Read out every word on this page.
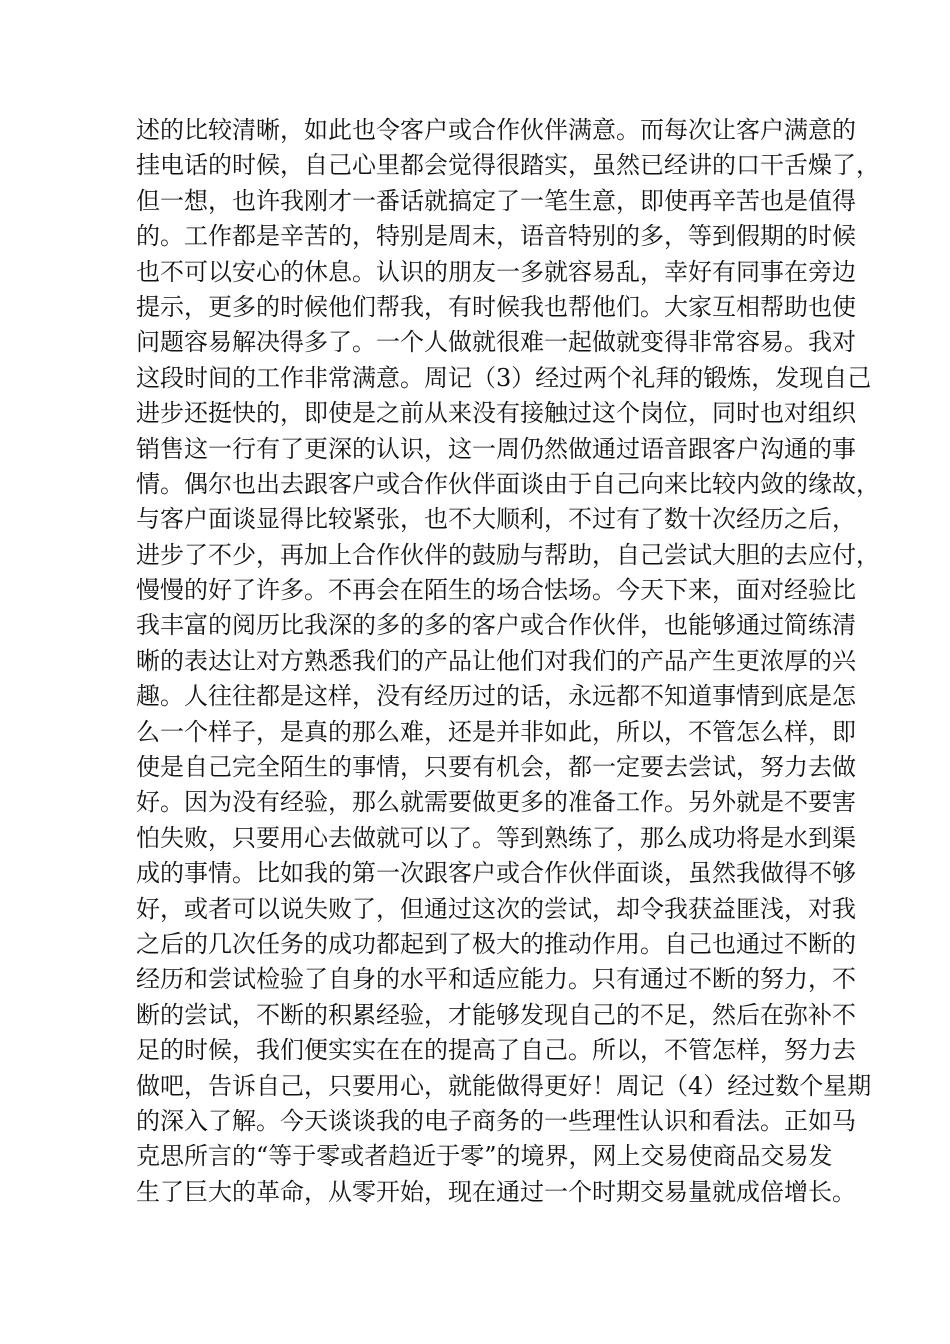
述的比较清晰，如此也令客户或合作伙伴满意。而每次让客户满意的
挂电话的时候，自己心里都会觉得很踏实，虽然已经讲的口干舌燥了，
但一想，也许我刚才一番话就搞定了一笔生意，即使再辛苦也是值得
的。工作都是辛苦的，特别是周末，语音特别的多，等到假期的时候
也不可以安心的休息。认识的朋友一多就容易乱，幸好有同事在旁边
提示，更多的时候他们帮我，有时候我也帮他们。大家互相帮助也使
问题容易解决得多了。一个人做就很难一起做就变得非常容易。我对
这段时间的工作非常满意。周记（3）经过两个礼拜的锻炼，发现自己
进步还挺快的，即使是之前从来没有接触过这个岗位，同时也对组织
销售这一行有了更深的认识，这一周仍然做通过语音跟客户沟通的事
情。偶尔也出去跟客户或合作伙伴面谈由于自己向来比较内敛的缘故，
与客户面谈显得比较紧张，也不大顺利，不过有了数十次经历之后，
进步了不少，再加上合作伙伴的鼓励与帮助，自己尝试大胆的去应付，
慢慢的好了许多。不再会在陌生的场合怯场。今天下来，面对经验比
我丰富的阅历比我深的多的多的客户或合作伙伴，也能够通过简练清
晰的表达让对方熟悉我们的产品让他们对我们的产品产生更浓厚的兴
趣。人往往都是这样，没有经历过的话，永远都不知道事情到底是怎
么一个样子，是真的那么难，还是并非如此，所以，不管怎么样，即
使是自己完全陌生的事情，只要有机会，都一定要去尝试，努力去做
好。因为没有经验，那么就需要做更多的准备工作。另外就是不要害
怕失败，只要用心去做就可以了。等到熟练了，那么成功将是水到渠
成的事情。比如我的第一次跟客户或合作伙伴面谈，虽然我做得不够
好，或者可以说失败了，但通过这次的尝试，却令我获益匪浅，对我
之后的几次任务的成功都起到了极大的推动作用。自己也通过不断的
经历和尝试检验了自身的水平和适应能力。只有通过不断的努力，不
断的尝试，不断的积累经验，才能够发现自己的不足，然后在弥补不
足的时候，我们便实实在在的提高了自己。所以，不管怎样，努力去
做吧，告诉自己，只要用心，就能做得更好！周记（4）经过数个星期
的深入了解。今天谈谈我的电子商务的一些理性认识和看法。正如马
克思所言的“等于零或者趋近于零”的境界，网上交易使商品交易发
生了巨大的革命，从零开始，现在通过一个时期交易量就成倍增长。
